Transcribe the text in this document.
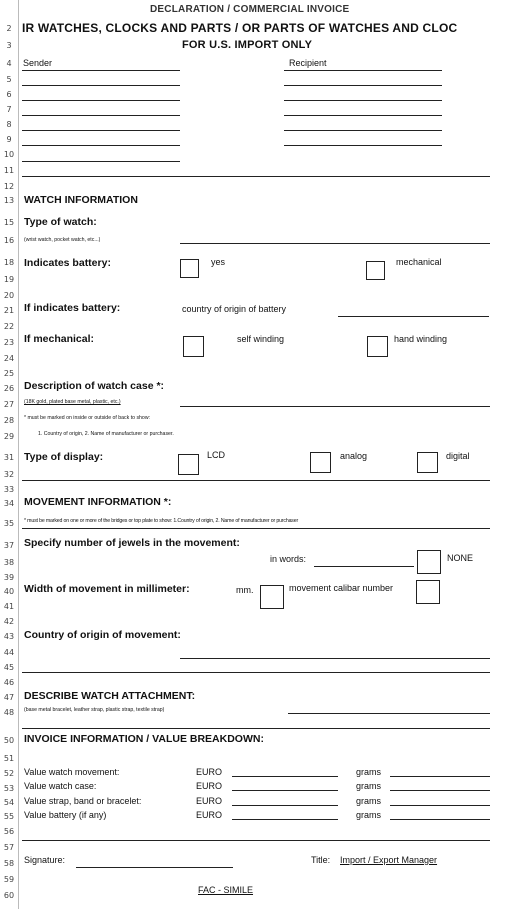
2
3
4
5
6
7
8
9
10
11
12
13
15
16
18
19
20
21
22
23
24
25
26
27
28
29
31
32
33
34
35
37
38
39
40
41
42
43
44
45
46
47
48
50
51
52
53
54
55
56
57
58
59
60
DECLARATION / COMMERCIAL INVOICE
IR WATCHES, CLOCKS AND PARTS / OR PARTS OF WATCHES AND CLOC
FOR U.S. IMPORT ONLY
Sender	Recipient
WATCH INFORMATION
Type of watch:
(wrist watch, pocket watch, etc...)
Indicates battery:	yes	mechanical
If indicates battery:	country of origin of battery
If mechanical:	self winding	hand winding
Description of watch case *:
(18K gold, plated base metal, plastic, etc.)
* must be marked on inside or outside of back to show:
1. Country of origin, 2. Name of manufacturer or purchaser.
Type of display:	LCD	analog	digital
MOVEMENT INFORMATION *:
* must be marked on one or more of the bridges or top plate to show: 1.Country of origin, 2. Name of manufacturer or purchaser
Specify number of jewels in the movement:
in words:	NONE
Width of movement in millimeter:	mm.	movement calibar number
Country of origin of movement:
DESCRIBE WATCH ATTACHMENT:
(base metal bracelet, leather strap, plastic strap, textile strap)
INVOICE INFORMATION / VALUE BREAKDOWN:
Value watch movement:	EURO	grams
Value watch case:	EURO	grams
Value strap, band or bracelet:	EURO	grams
Value battery (if any)	EURO	grams
Signature:	Title: Import / Export Manager
FAC - SIMILE
